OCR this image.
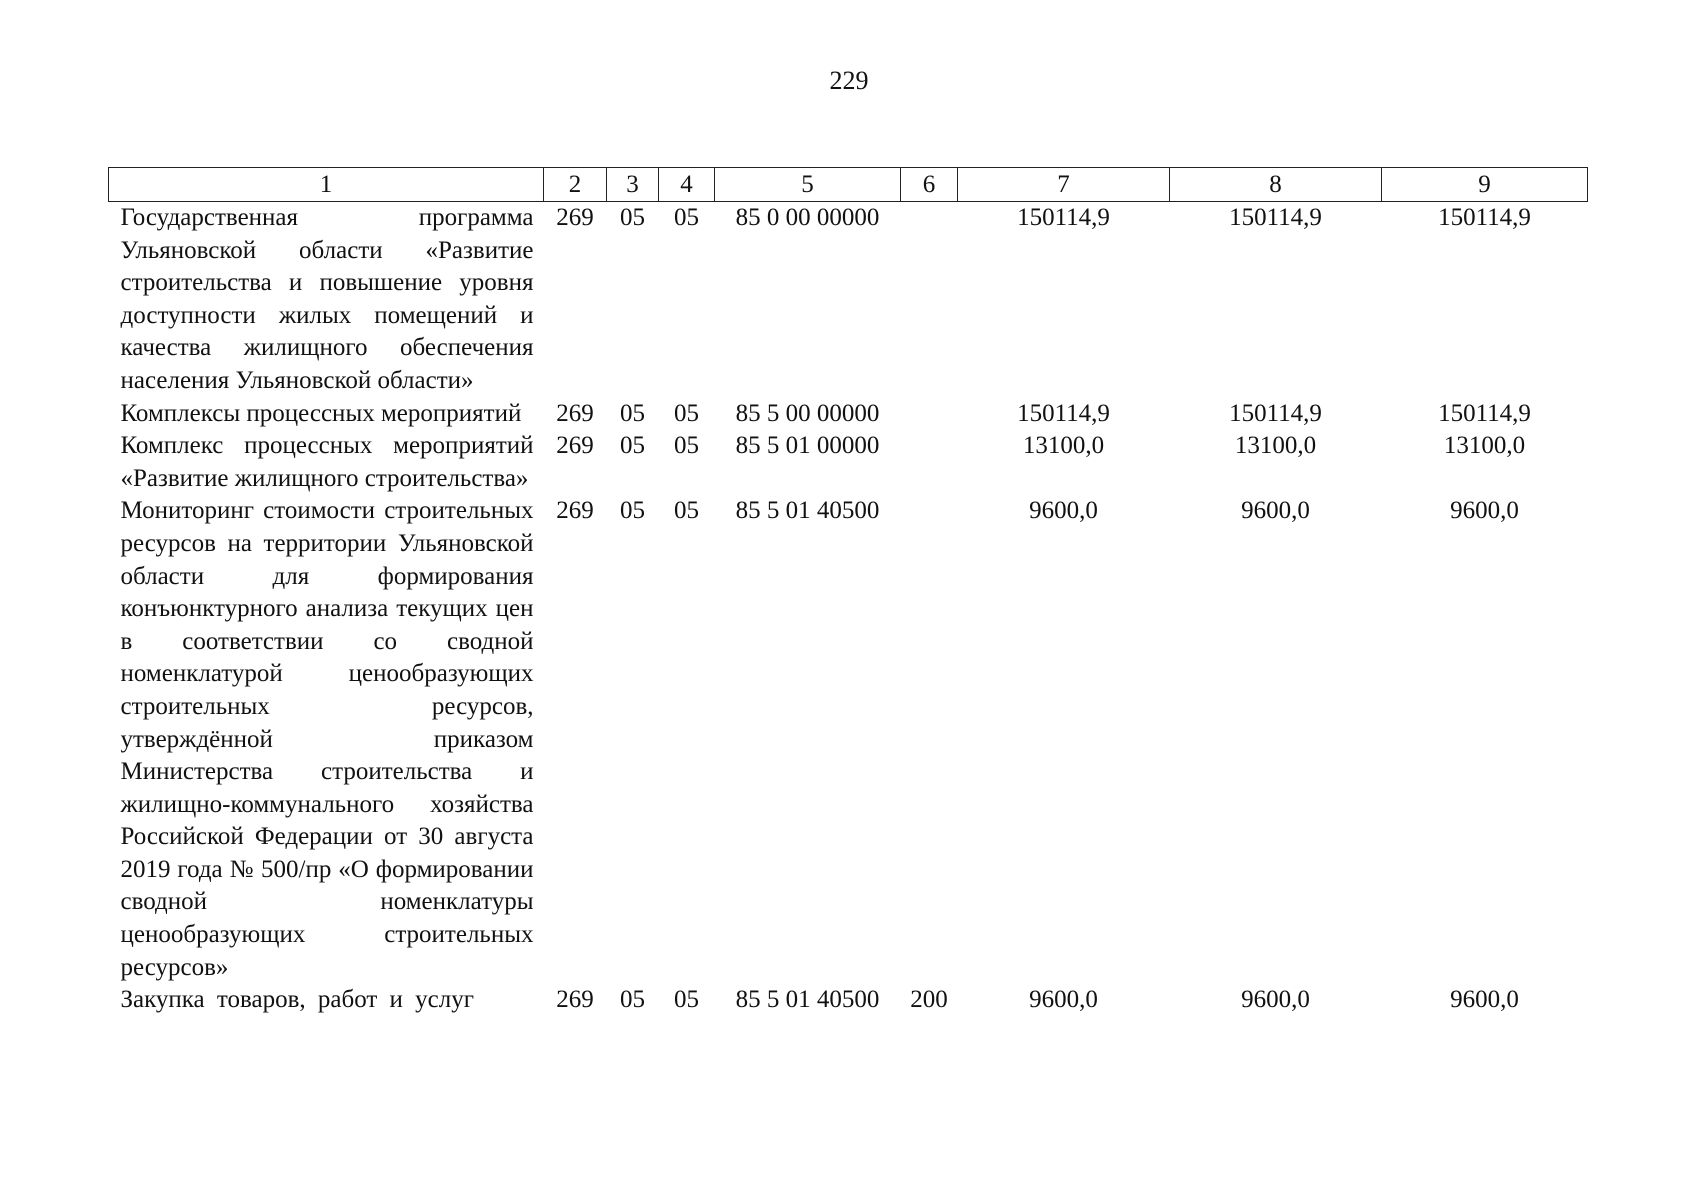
229
1	2	3	4	5	6	7	8	9
Государственная программа Ульяновской области «Развитие строительства и повышение уровня доступности жилых помещений и качества жилищного обеспечения населения Ульяновской области»	269	05	05	85 0 00 00000		150114,9	150114,9	150114,9
Комплексы процессных мероприятий	269	05	05	85 5 00 00000		150114,9	150114,9	150114,9
Комплекс процессных мероприятий «Развитие жилищного строительства»	269	05	05	85 5 01 00000		13100,0	13100,0	13100,0
Мониторинг стоимости строительных ресурсов на территории Ульяновской области для формирования конъюнктурного анализа текущих цен в соответствии со сводной номенклатурой ценообразующих строительных ресурсов, утверждённой приказом Министерства строительства и жилищно-коммунального хозяйства Российской Федерации от 30 августа 2019 года № 500/пр «О формировании сводной номенклатуры ценообразующих строительных ресурсов»	269	05	05	85 5 01 40500		9600,0	9600,0	9600,0
Закупка товаров, работ и услуг	269	05	05	85 5 01 40500	200	9600,0	9600,0	9600,0
